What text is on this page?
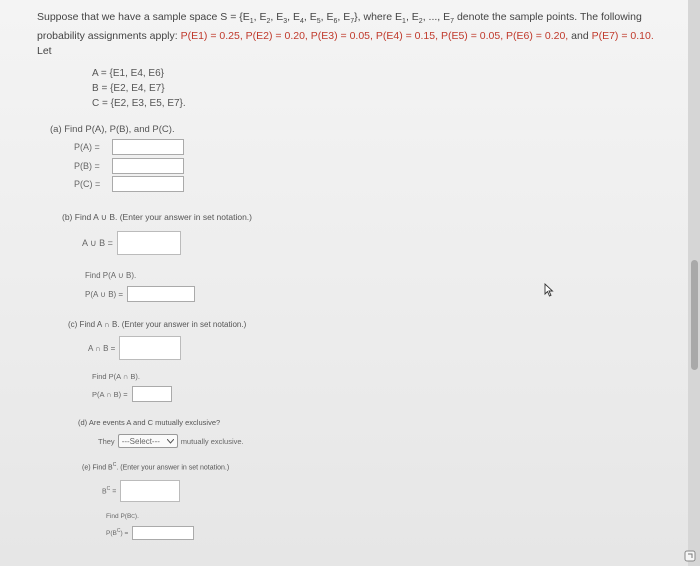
Suppose that we have a sample space $S = \{E_1$, $E_2$, $E_3$, $E_4$, $E_5$, $E_6$, $E_7$}, where $E_1$, $E_2$, ..., $E_7$ denote the sample points. The following
probability assignments apply: P(E1) = 0.25, P(E2) = 0.20, P(E3) = 0.05, P(E4) = 0.15, P(E5) = 0.05, P(E6) = 0.20, and P(E7) = 0.10.
Let
A = {E1, E4, E6}
B = {E2, E4, E7}
C = {E2, E3, E5, E7}.
(a) Find P(A), P(B), and P(C).
P(A) =
P(B) =
P(C) =
(b) Find A ∪ B. (Enter your answer in set notation.)
A ∪ B =
Find P(A ∪ B).
P(A ∪ B) =
(c) Find A ∩ B. (Enter your answer in set notation.)
A ∩ B =
Find P(A ∩ B).
P(A ∩ B) =
(d) Are events A and C mutually exclusive?
They ---Select---	mutually exclusive.
(e) Find $B^C$. (Enter your answer in set notation.)
$B^C$ =
Find P(B C ).
$P(B^C)$ =
